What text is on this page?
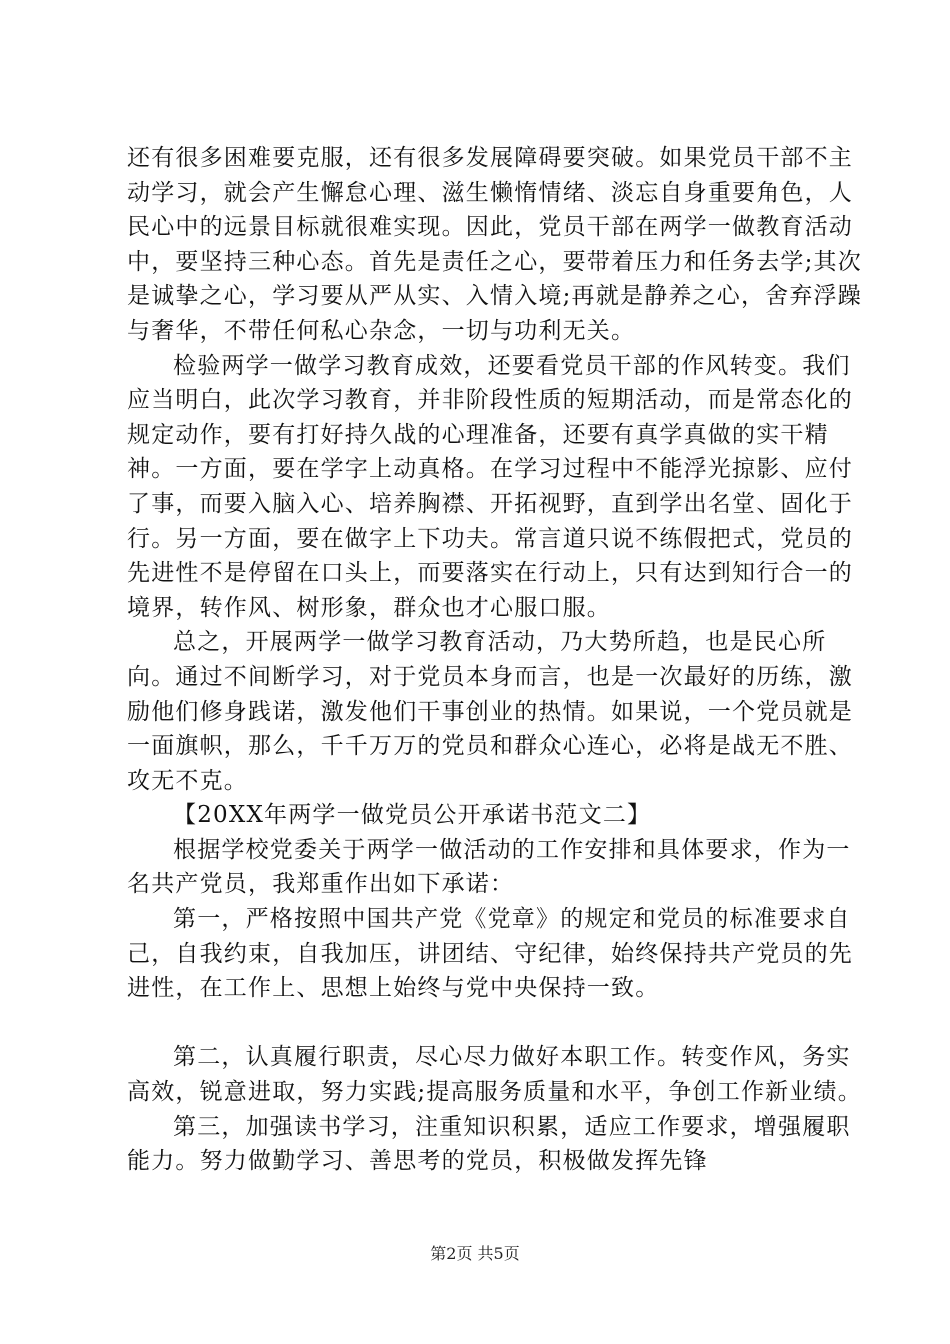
还有很多困难要克服，还有很多发展障碍要突破。如果党员干部不主动学习，就会产生懈怠心理、滋生懒惰情绪、淡忘自身重要角色，人民心中的远景目标就很难实现。因此，党员干部在两学一做教育活动中，要坚持三种心态。首先是责任之心，要带着压力和任务去学;其次是诚挚之心，学习要从严从实、入情入境;再就是静养之心，舍弃浮躁与奢华，不带任何私心杂念，一切与功利无关。

检验两学一做学习教育成效，还要看党员干部的作风转变。我们应当明白，此次学习教育，并非阶段性质的短期活动，而是常态化的规定动作，要有打好持久战的心理准备，还要有真学真做的实干精神。一方面，要在学字上动真格。在学习过程中不能浮光掠影、应付了事，而要入脑入心、培养胸襟、开拓视野，直到学出名堂、固化于行。另一方面，要在做字上下功夫。常言道只说不练假把式，党员的先进性不是停留在口头上，而要落实在行动上，只有达到知行合一的境界，转作风、树形象，群众也才心服口服。

总之，开展两学一做学习教育活动，乃大势所趋，也是民心所向。通过不间断学习，对于党员本身而言，也是一次最好的历练，激励他们修身践诺，激发他们干事创业的热情。如果说，一个党员就是一面旗帜，那么，千千万万的党员和群众心连心，必将是战无不胜、攻无不克。

【20XX年两学一做党员公开承诺书范文二】

根据学校党委关于两学一做活动的工作安排和具体要求，作为一名共产党员，我郑重作出如下承诺：

第一，严格按照中国共产党《党章》的规定和党员的标准要求自己，自我约束，自我加压，讲团结、守纪律，始终保持共产党员的先进性，在工作上、思想上始终与党中央保持一致。

第二，认真履行职责，尽心尽力做好本职工作。转变作风，务实高效，锐意进取，努力实践;提高服务质量和水平，争创工作新业绩。

第三，加强读书学习，注重知识积累，适应工作要求，增强履职能力。努力做勤学习、善思考的党员，积极做发挥先锋

第2页 共5页
